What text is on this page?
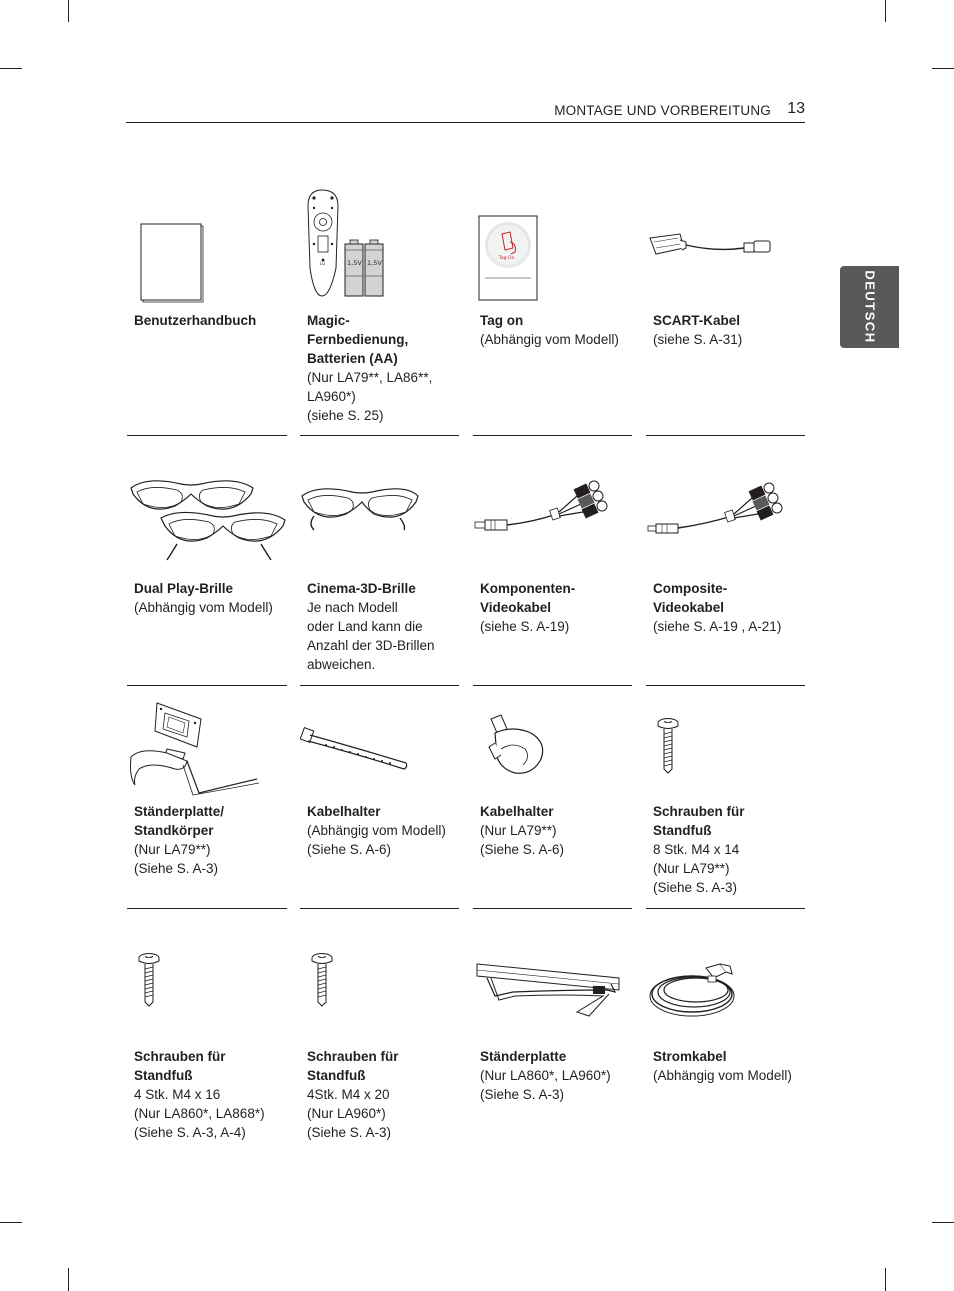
MONTAGE UND VORBEREITUNG 13
DEUTSCH
Benutzerhandbuch
LG	1,5V 1,5V
Magic-
Fernbedienung,
Batterien (AA)
(Nur LA79**, LA86**,
LA960*)
(siehe S. 25)
Tag On
Tag on
(Abhängig vom Modell)
SCART-Kabel
(siehe S. A-31)
Dual Play-Brille
(Abhängig vom Modell)
Cinema-3D-Brille
Je nach Modell
oder Land kann die
Anzahl der 3D-Brillen
abweichen.
Komponenten-
Videokabel
(siehe S. A-19)
Composite-
Videokabel
(siehe S. A-19 , A-21)
Ständerplatte/
Standkörper
(Nur LA79**)
(Siehe S. A-3)
Kabelhalter
(Abhängig vom Modell)
(Siehe S. A-6)
Kabelhalter
(Nur LA79**)
(Siehe S. A-6)
Schrauben für
Standfuß
8 Stk. M4 x 14
(Nur LA79**)
(Siehe S. A-3)
Schrauben für
Standfuß
4 Stk. M4 x 16
(Nur LA860*, LA868*)
(Siehe S. A-3, A-4)
Schrauben für
Standfuß
4Stk. M4 x 20
(Nur LA960*)
(Siehe S. A-3)
Ständerplatte
(Nur LA860*, LA960*)
(Siehe S. A-3)
Stromkabel
(Abhängig vom Modell)
